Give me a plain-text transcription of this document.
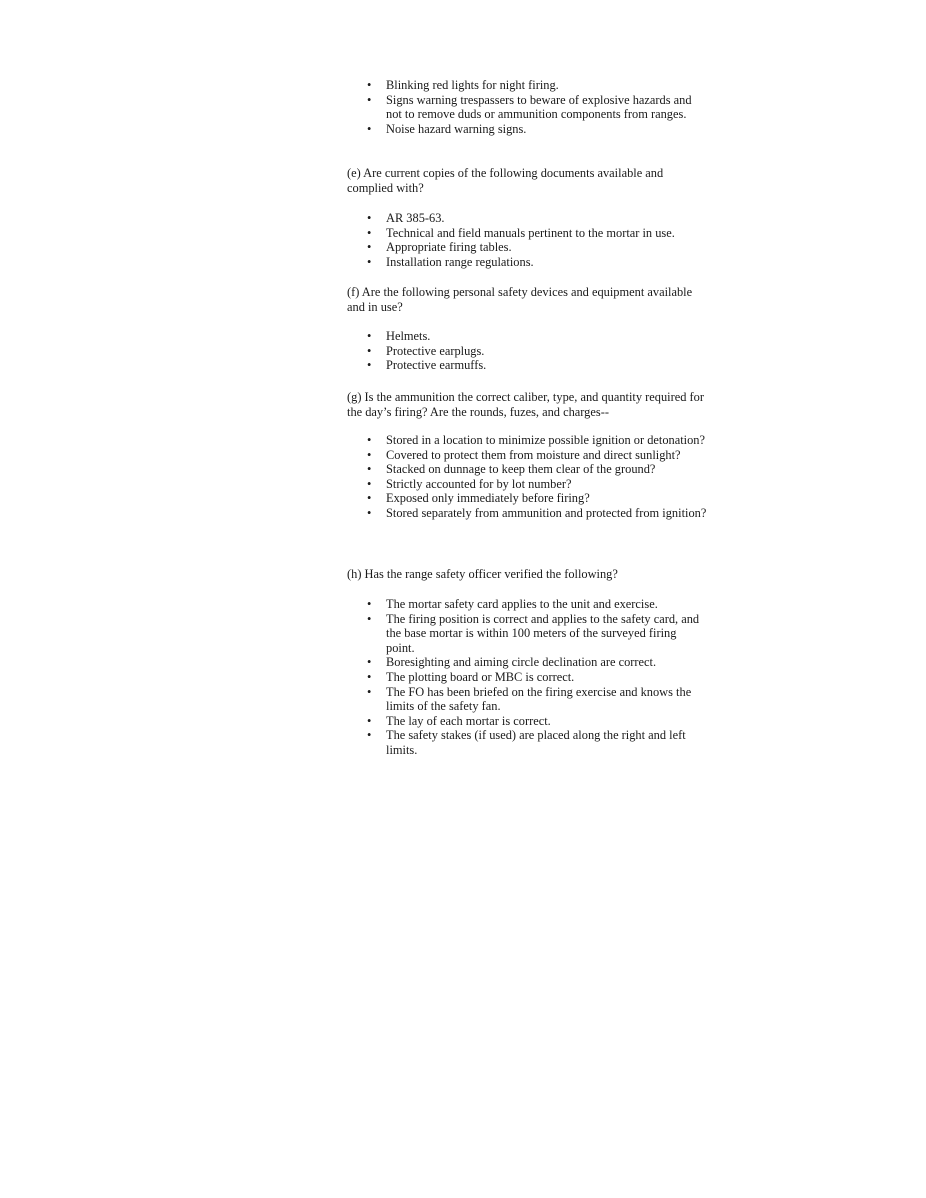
• Blinking red lights for night firing.
• Signs warning trespassers to beware of explosive hazards and not to remove duds or ammunition components from ranges.
• Noise hazard warning signs.

(e) Are current copies of the following documents available and complied with?

• AR 385-63.
• Technical and field manuals pertinent to the mortar in use.
• Appropriate firing tables.
• Installation range regulations.

(f) Are the following personal safety devices and equipment available and in use?

• Helmets.
• Protective earplugs.
• Protective earmuffs.

(g) Is the ammunition the correct caliber, type, and quantity required for the day’s firing? Are the rounds, fuzes, and charges--

• Stored in a location to minimize possible ignition or detonation?
• Covered to protect them from moisture and direct sunlight?
• Stacked on dunnage to keep them clear of the ground?
• Strictly accounted for by lot number?
• Exposed only immediately before firing?
• Stored separately from ammunition and protected from ignition?

(h) Has the range safety officer verified the following?

• The mortar safety card applies to the unit and exercise.
• The firing position is correct and applies to the safety card, and the base mortar is within 100 meters of the surveyed firing point.
• Boresighting and aiming circle declination are correct.
• The plotting board or MBC is correct.
• The FO has been briefed on the firing exercise and knows the limits of the safety fan.
• The lay of each mortar is correct.
• The safety stakes (if used) are placed along the right and left limits.
